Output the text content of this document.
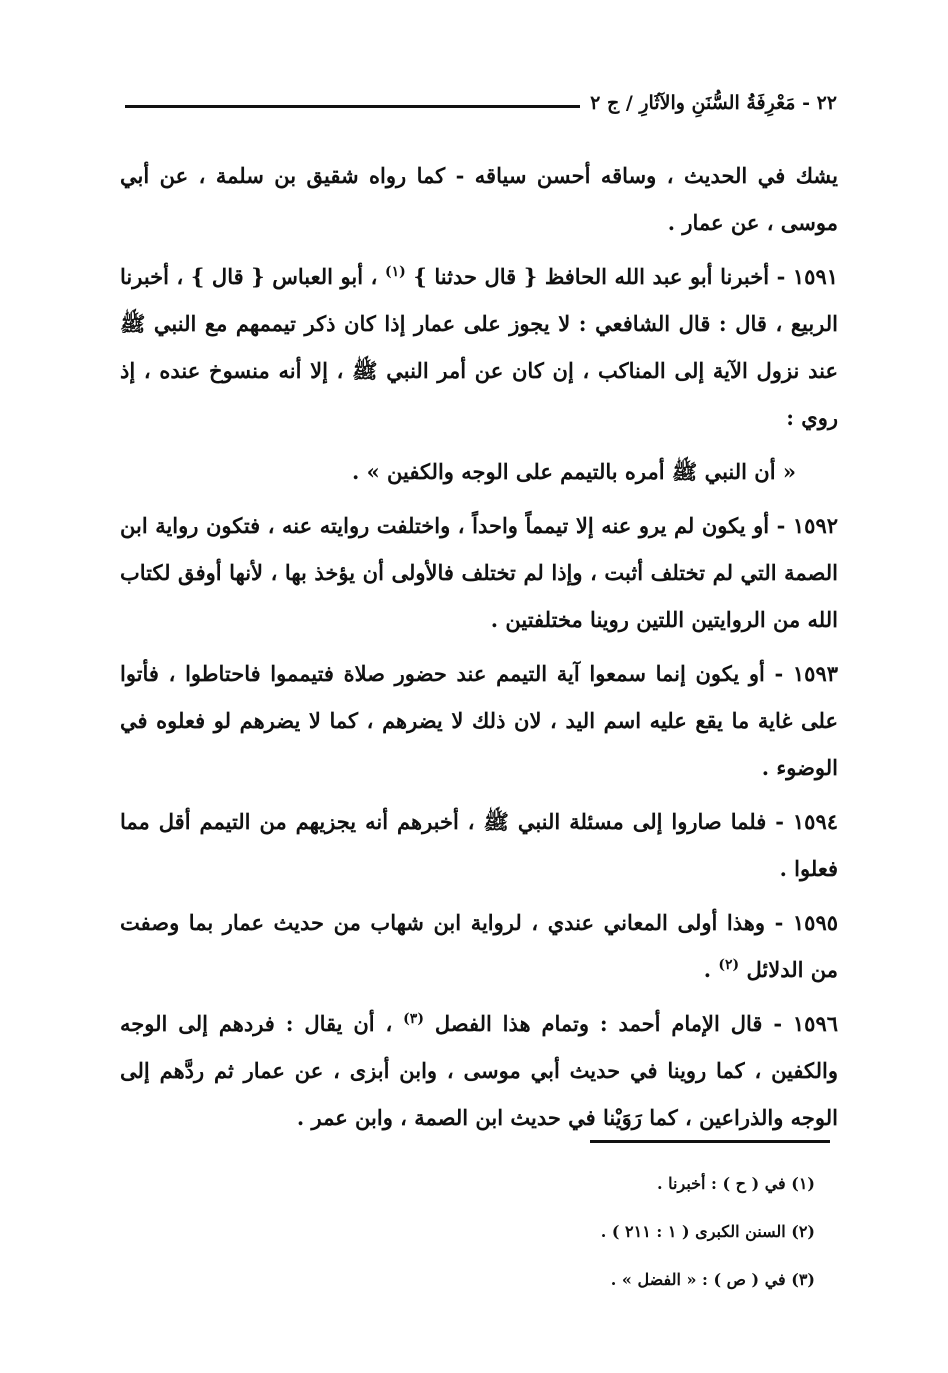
٢٢ - مَعْرِفَةُ السُّنَنِ والآثَارِ / ج ٢

يشك في الحديث ، وساقه أحسن سياقه - كما رواه شقيق بن سلمة ، عن أبي موسى ، عن عمار .

١٥٩١ - أخبرنا أبو عبد الله الحافظ { قال حدثنا } $^{(١)}$ ، أبو العباس { قال } ، أخبرنا الربيع ، قال : قال الشافعي : لا يجوز على عمار إذا كان ذكر تيممهم مع النبي ﷺ عند نزول الآية إلى المناكب ، إن كان عن أمر النبي ﷺ ، إلا أنه منسوخ عنده ، إذ روي :

« أن النبي ﷺ أمره بالتيمم على الوجه والكفين » .

١٥٩٢ - أو يكون لم يرو عنه إلا تيمماً واحداً ، واختلفت روايته عنه ، فتكون رواية ابن الصمة التي لم تختلف أثبت ، وإذا لم تختلف فالأولى أن يؤخذ بها ، لأنها أوفق لكتاب الله من الروايتين اللتين روينا مختلفتين .

١٥٩٣ - أو يكون إنما سمعوا آية التيمم عند حضور صلاة فتيمموا فاحتاطوا ، فأتوا على غاية ما يقع عليه اسم اليد ، لان ذلك لا يضرهم ، كما لا يضرهم لو فعلوه في الوضوء .

١٥٩٤ - فلما صاروا إلى مسئلة النبي ﷺ ، أخبرهم أنه يجزيهم من التيمم أقل مما فعلوا .

١٥٩٥ - وهذا أولى المعاني عندي ، لرواية ابن شهاب من حديث عمار بما وصفت من الدلائل $^{(٢)}$ .

١٥٩٦ - قال الإمام أحمد : وتمام هذا الفصل $^{(٣)}$ ، أن يقال : فردهم إلى الوجه والكفين ، كما روينا في حديث أبي موسى ، وابن أبزى ، عن عمار ثم ردَّهم إلى الوجه والذراعين ، كما رَوَيْنا في حديث ابن الصمة ، وابن عمر .

(١) في ( ح ) : أخبرنا .

(٢) السنن الكبرى ( ١ : ٢١١ ) .

(٣) في ( ص ) : « الفضل » .
